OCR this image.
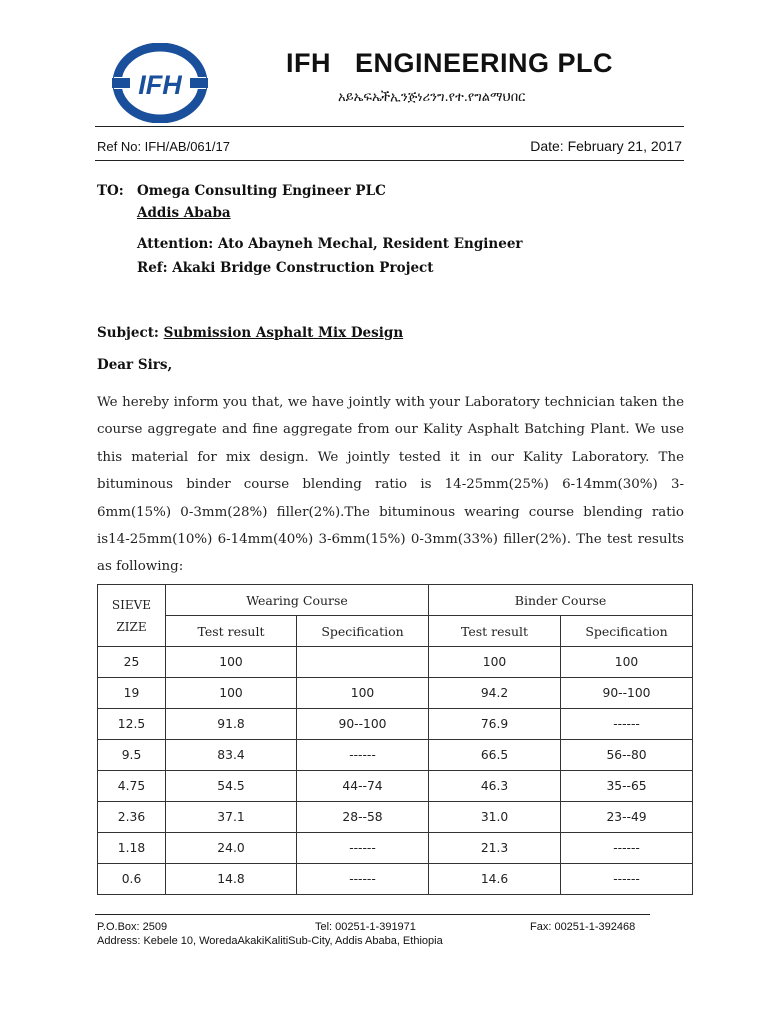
IFH
IFH   ENGINEERING PLC
አይኤፍኤችኢንጅነሪንግ.የተ.የግልማህበር
Ref No: IFH/AB/061/17	Date: February 21, 2017
TO: Omega Consulting Engineer PLC
Addis Ababa
Attention: Ato Abayneh Mechal, Resident Engineer
Ref: Akaki Bridge Construction Project
Subject: Submission Asphalt Mix Design
Dear Sirs,
We hereby inform you that, we have jointly with your Laboratory technician taken the course aggregate and fine aggregate from our Kality Asphalt Batching Plant. We use this material for mix design. We jointly tested it in our Kality Laboratory. The bituminous binder course blending ratio is 14-25mm(25%) 6-14mm(30%) 3-6mm(15%) 0-3mm(28%) filler(2%).The bituminous wearing course blending ratio is14-25mm(10%) 6-14mm(40%) 3-6mm(15%) 0-3mm(33%) filler(2%). The test results as following:
SIEVE
ZIZE	Wearing Course		Binder Course	
	Test result	Specification	Test result	Specification
25	100		100	100
19	100	100	94.2	90--100
12.5	91.8	90--100	76.9	------
9.5	83.4	------	66.5	56--80
4.75	54.5	44--74	46.3	35--65
2.36	37.1	28--58	31.0	23--49
1.18	24.0	------	21.3	------
0.6	14.8	------	14.6	------
P.O.Box: 2509	Tel: 00251-1-391971	Fax: 00251-1-392468
Address: Kebele 10, WoredaAkakiKalitiSub-City, Addis Ababa, Ethiopia
